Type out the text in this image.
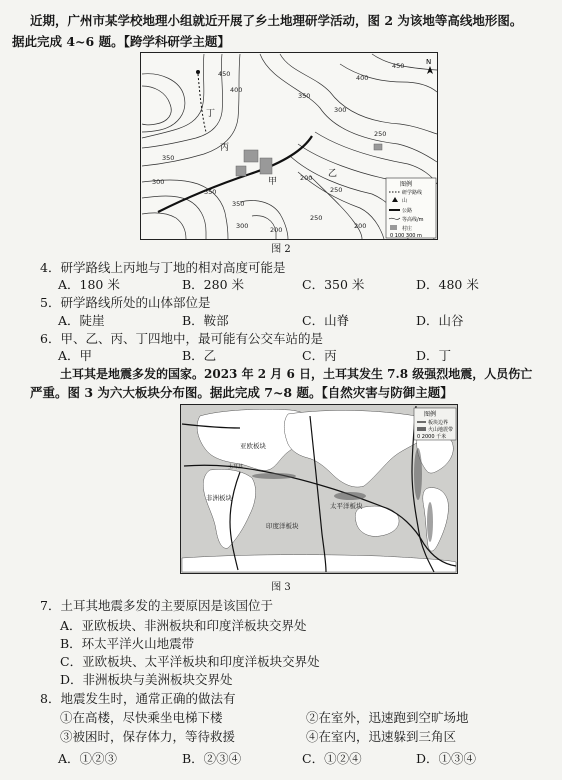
近期，广州市某学校地理小组就近开展了乡土地理研学活动，图 2 为该地等高线地形图。
据此完成 4~6 题。【跨学科研学主题】
450
400
350
300
250
350
300
350
350
200
250
250
200
400
450
300	200
丙
丁
甲
乙
N
图例
研学路线
山
公路
等高线/m
村庄
0 100 300 m
图 2
4．研学路线上丙地与丁地的相对高度可能是
A．180 米	B．280 米	C．350 米	D．480 米
5．研学路线所处的山体部位是
A．陡崖	B．鞍部	C．山脊	D．山谷
6．甲、乙、丙、丁四地中，最可能有公交车站的是
A．甲	B．乙	C．丙	D．丁
土耳其是地震多发的国家。2023 年 2 月 6 日，土耳其发生 7.8 级强烈地震，人员伤亡
严重。图 3 为六大板块分布图。据此完成 7~8 题。【自然灾害与防御主题】
亚欧板块
土耳其
非洲板块
印度洋板块
太平洋板块
图例
板块边界
火山地震带
0 2000 千米
图 3
7．土耳其地震多发的主要原因是该国位于
A．亚欧板块、非洲板块和印度洋板块交界处
B．环太平洋火山地震带
C．亚欧板块、太平洋板块和印度洋板块交界处
D．非洲板块与美洲板块交界处
8．地震发生时，通常正确的做法有
①在高楼，尽快乘坐电梯下楼	②在室外，迅速跑到空旷场地
③被困时，保存体力，等待救援	④在室内，迅速躲到三角区
A．①②③	B．②③④	C．①②④	D．①③④
